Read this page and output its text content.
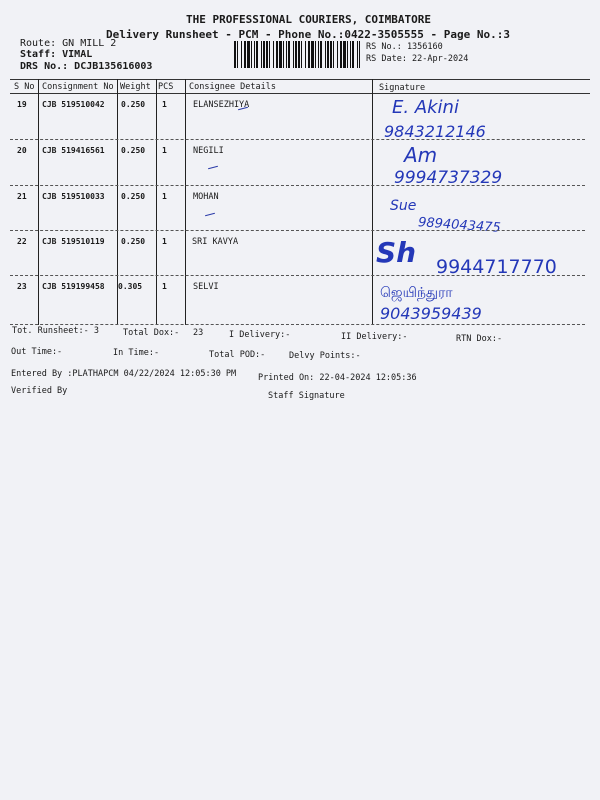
THE PROFESSIONAL COURIERS, COIMBATORE
Delivery Runsheet - PCM - Phone No.:0422-3505555 - Page No.:3
Route: GN MILL 2
Staff: VIMAL
DRS No.: DCJB135616003
RS No.: 1356160
RS Date: 22-Apr-2024
S No Consignment No Weight PCS Consignee Details	Signature
19 CJB 519510042 0.250 1	ELANSEZHIYA	E. Akini
9843212146
20 CJB 519416561 0.250 1	NEGILI	Am
9994737329
21 CJB 519510033 0.250 1	MOHAN
Sue
9894043475
22 CJB 519510119 0.250 1	SRI KAVYA	Sh 9944717770
23 CJB 519199458 0.305 1	SELVI	ஜெயிந்துரா
9043959439
Tot. Runsheet:- 3	Total Dox:- 23	I Delivery:-	II Delivery:-	RTN Dox:-
Out Time:-	In Time:-	Total POD:-	Delvy Points:-
Entered By :PLATHAPCM 04/22/2024 12:05:30 PM	Printed On: 22-04-2024 12:05:36
Verified By	Staff Signature
